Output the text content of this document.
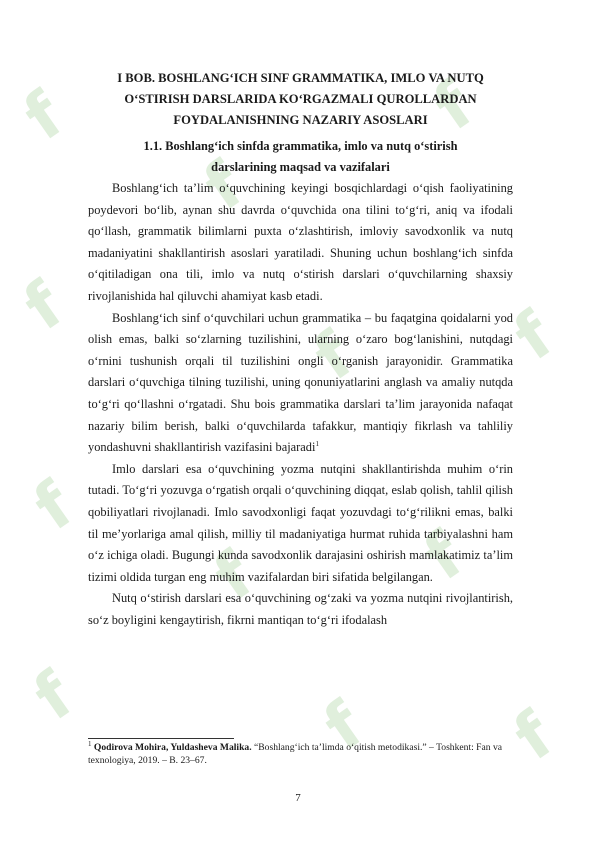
f
f
f
f
f f
f
f f
f	f f
I BOB. BOSHLANG‘ICH SINF GRAMMATIKA, IMLO VA NUTQ O‘STIRISH DARSLARIDA KO‘RGAZMALI QUROLLARDAN FOYDALANISHNING NAZARIY ASOSLARI
1.1. Boshlang‘ich sinfda grammatika, imlo va nutq o‘stirish darslarining maqsad va vazifalari

Boshlang‘ich ta’lim o‘quvchining keyingi bosqichlardagi o‘qish faoliyatining poydevori bo‘lib, aynan shu davrda o‘quvchida ona tilini to‘g‘ri, aniq va ifodali qo‘llash, grammatik bilimlarni puxta o‘zlashtirish, imloviy savodxonlik va nutq madaniyatini shakllantirish asoslari yaratiladi. Shuning uchun boshlang‘ich sinfda o‘qitiladigan ona tili, imlo va nutq o‘stirish darslari o‘quvchilarning shaxsiy rivojlanishida hal qiluvchi ahamiyat kasb etadi.

Boshlang‘ich sinf o‘quvchilari uchun grammatika – bu faqatgina qoidalarni yod olish emas, balki so‘zlarning tuzilishini, ularning o‘zaro bog‘lanishini, nutqdagi o‘rnini tushunish orqali til tuzilishini ongli o‘rganish jarayonidir. Grammatika darslari o‘quvchiga tilning tuzilishi, uning qonuniyatlarini anglash va amaliy nutqda to‘g‘ri qo‘llashni o‘rgatadi. Shu bois grammatika darslari ta’lim jarayonida nafaqat nazariy bilim berish, balki o‘quvchilarda tafakkur, mantiqiy fikrlash va tahliliy yondashuvni shakllantirish vazifasini bajaradi$^1$

Imlo darslari esa o‘quvchining yozma nutqini shakllantirishda muhim o‘rin tutadi. To‘g‘ri yozuvga o‘rgatish orqali o‘quvchining diqqat, eslab qolish, tahlil qilish qobiliyatlari rivojlanadi. Imlo savodxonligi faqat yozuvdagi to‘g‘rilikni emas, balki til me’yorlariga amal qilish, milliy til madaniyatiga hurmat ruhida tarbiyalashni ham o‘z ichiga oladi. Bugungi kunda savodxonlik darajasini oshirish mamlakatimiz ta’lim tizimi oldida turgan eng muhim vazifalardan biri sifatida belgilangan.

Nutq o‘stirish darslari esa o‘quvchining og‘zaki va yozma nutqini rivojlantirish, so‘z boyligini kengaytirish, fikrni mantiqan to‘g‘ri ifodalash

$^1$ Qodirova Mohira, Yuldasheva Malika. “Boshlang‘ich ta’limda o‘qitish metodikasi.” – Toshkent: Fan va texnologiya, 2019. – B. 23–67.
7
